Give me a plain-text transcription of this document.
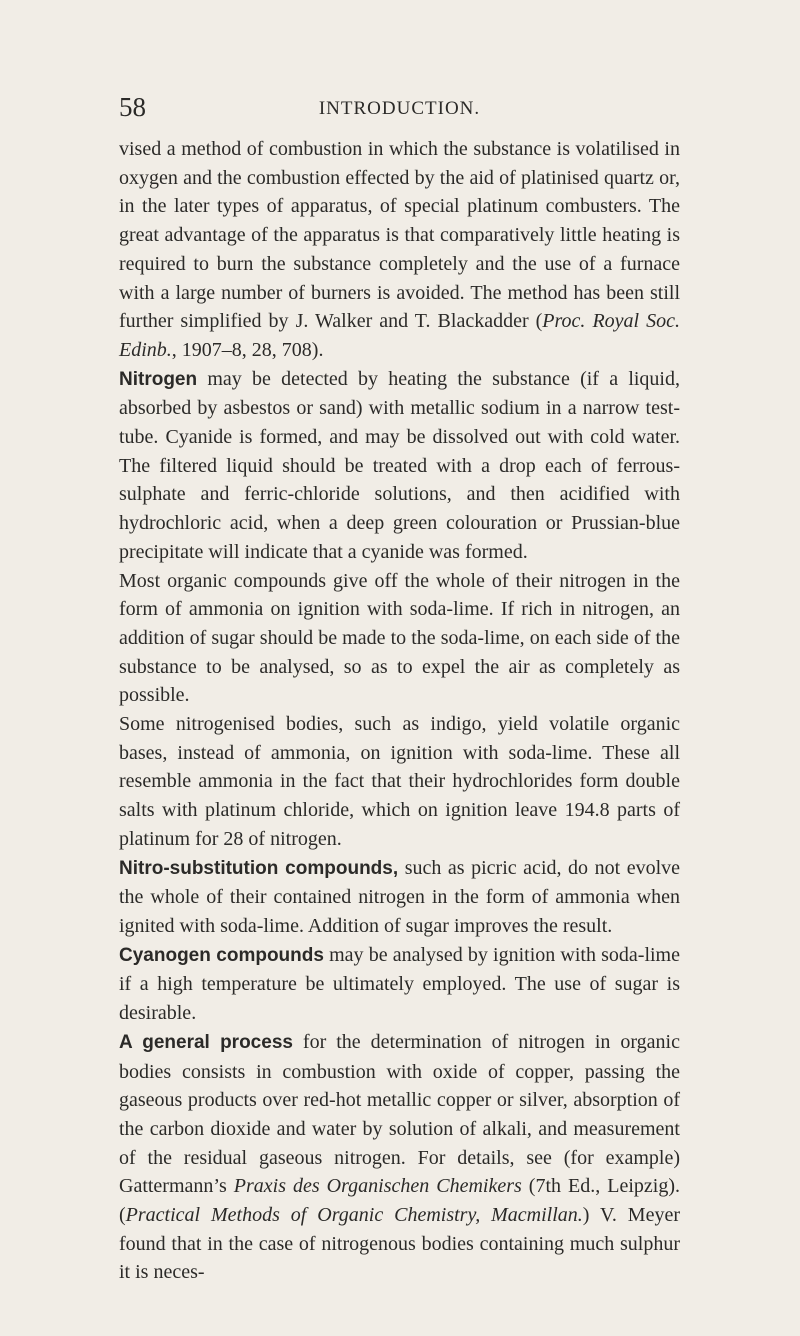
58	INTRODUCTION.

vised a method of combustion in which the substance is volatilised in oxygen and the combustion effected by the aid of platinised quartz or, in the later types of apparatus, of special platinum combusters. The great advantage of the apparatus is that comparatively little heating is required to burn the substance completely and the use of a furnace with a large number of burners is avoided. The method has been still further simplified by J. Walker and T. Blackadder (Proc. Royal Soc. Edinb., 1907–8, 28, 708).

Nitrogen may be detected by heating the substance (if a liquid, absorbed by asbestos or sand) with metallic sodium in a narrow test-tube. Cyanide is formed, and may be dissolved out with cold water. The filtered liquid should be treated with a drop each of ferrous-sulphate and ferric-chloride solutions, and then acidified with hydrochloric acid, when a deep green colouration or Prussian-blue precipitate will indicate that a cyanide was formed.

Most organic compounds give off the whole of their nitrogen in the form of ammonia on ignition with soda-lime. If rich in nitrogen, an addition of sugar should be made to the soda-lime, on each side of the substance to be analysed, so as to expel the air as completely as possible.

Some nitrogenised bodies, such as indigo, yield volatile organic bases, instead of ammonia, on ignition with soda-lime. These all resemble ammonia in the fact that their hydrochlorides form double salts with platinum chloride, which on ignition leave 194.8 parts of platinum for 28 of nitrogen.

Nitro-substitution compounds, such as picric acid, do not evolve the whole of their contained nitrogen in the form of ammonia when ignited with soda-lime. Addition of sugar improves the result.

Cyanogen compounds may be analysed by ignition with soda-lime if a high temperature be ultimately employed. The use of sugar is desirable.

A general process for the determination of nitrogen in organic bodies consists in combustion with oxide of copper, passing the gaseous products over red-hot metallic copper or silver, absorption of the carbon dioxide and water by solution of alkali, and measurement of the residual gaseous nitrogen. For details, see (for example) Gattermann’s Praxis des Organischen Chemikers (7th Ed., Leipzig). (Practical Methods of Organic Chemistry, Macmillan.) V. Meyer found that in the case of nitrogenous bodies containing much sulphur it is neces-
